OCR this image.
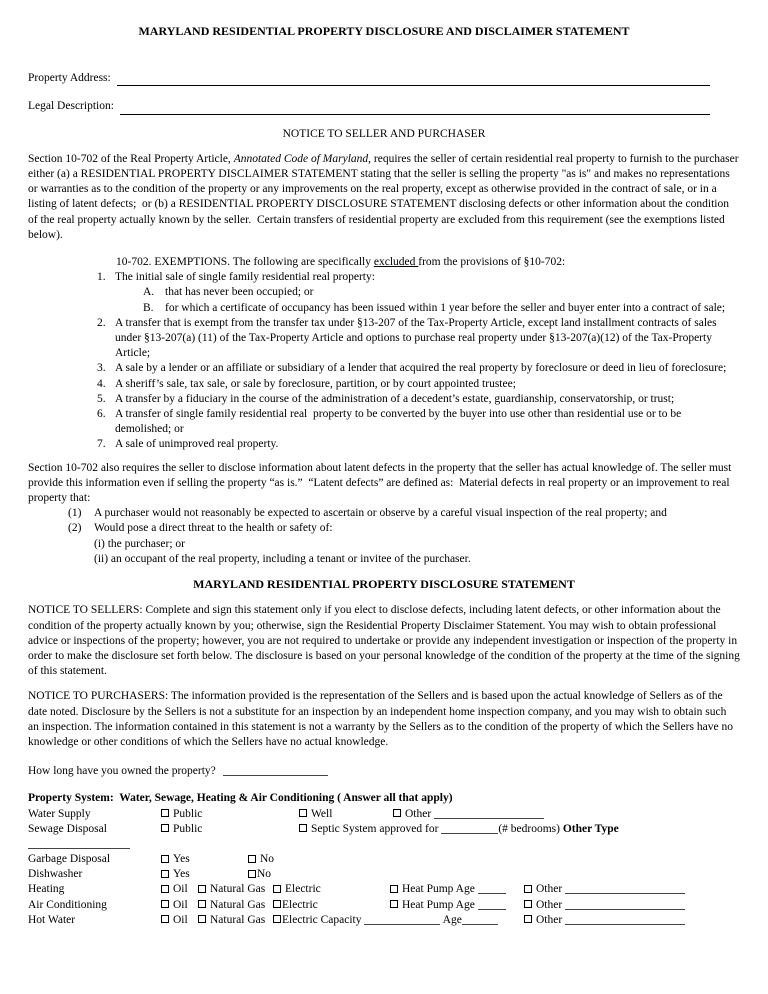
MARYLAND RESIDENTIAL PROPERTY DISCLOSURE AND DISCLAIMER STATEMENT
Property Address:
Legal Description:
NOTICE TO SELLER AND PURCHASER
Section 10-702 of the Real Property Article, Annotated Code of Maryland, requires the seller of certain residential real property to furnish to the purchaser either (a) a RESIDENTIAL PROPERTY DISCLAIMER STATEMENT stating that the seller is selling the property "as is" and makes no representations or warranties as to the condition of the property or any improvements on the real property, except as otherwise provided in the contract of sale, or in a listing of latent defects;  or (b) a RESIDENTIAL PROPERTY DISCLOSURE STATEMENT disclosing defects or other information about the condition of the real property actually known by the seller.  Certain transfers of residential property are excluded from this requirement (see the exemptions listed below).
10-702. EXEMPTIONS. The following are specifically excluded from the provisions of §10-702:
1. The initial sale of single family residential real property:
A. that has never been occupied; or
B. for which a certificate of occupancy has been issued within 1 year before the seller and buyer enter into a contract of sale;
2. A transfer that is exempt from the transfer tax under §13-207 of the Tax-Property Article, except land installment contracts of sales under §13-207(a) (11) of the Tax-Property Article and options to purchase real property under §13-207(a)(12) of the Tax-Property Article;
3. A sale by a lender or an affiliate or subsidiary of a lender that acquired the real property by foreclosure or deed in lieu of foreclosure;
4. A sheriff’s sale, tax sale, or sale by foreclosure, partition, or by court appointed trustee;
5. A transfer by a fiduciary in the course of the administration of a decedent’s estate, guardianship, conservatorship, or trust;
6. A transfer of single family residential real  property to be converted by the buyer into use other than residential use or to be demolished; or
7. A sale of unimproved real property.
Section 10-702 also requires the seller to disclose information about latent defects in the property that the seller has actual knowledge of. The seller must provide this information even if selling the property “as is.”  “Latent defects” are defined as:  Material defects in real property or an improvement to real property that:
(1)	A purchaser would not reasonably be expected to ascertain or observe by a careful visual inspection of the real property; and
(2)	Would pose a direct threat to the health or safety of:
(i) the purchaser; or
(ii) an occupant of the real property, including a tenant or invitee of the purchaser.
MARYLAND RESIDENTIAL PROPERTY DISCLOSURE STATEMENT
NOTICE TO SELLERS: Complete and sign this statement only if you elect to disclose defects, including latent defects, or other information about the condition of the property actually known by you; otherwise, sign the Residential Property Disclaimer Statement. You may wish to obtain professional advice or inspections of the property; however, you are not required to undertake or provide any independent investigation or inspection of the property in order to make the disclosure set forth below. The disclosure is based on your personal knowledge of the condition of the property at the time of the signing of this statement.
NOTICE TO PURCHASERS: The information provided is the representation of the Sellers and is based upon the actual knowledge of Sellers as of the date noted. Disclosure by the Sellers is not a substitute for an inspection by an independent home inspection company, and you may wish to obtain such an inspection. The information contained in this statement is not a warranty by the Sellers as to the condition of the property of which the Sellers have no knowledge or other conditions of which the Sellers have no actual knowledge.
How long have you owned the property?
Property System:  Water, Sewage, Heating & Air Conditioning ( Answer all that apply)
Water Supply	Public	Well	Other
Sewage Disposal	Public	Septic System approved for	(# bedrooms) Other Type
Garbage Disposal	Yes	No
Dishwasher	Yes	No
Heating	Oil	Natural Gas	Electric	Heat Pump Age	Other
Air Conditioning	Oil	Natural Gas	Electric	Heat Pump Age	Other
Hot Water	Oil	Natural Gas	Electric Capacity	Age	Other
